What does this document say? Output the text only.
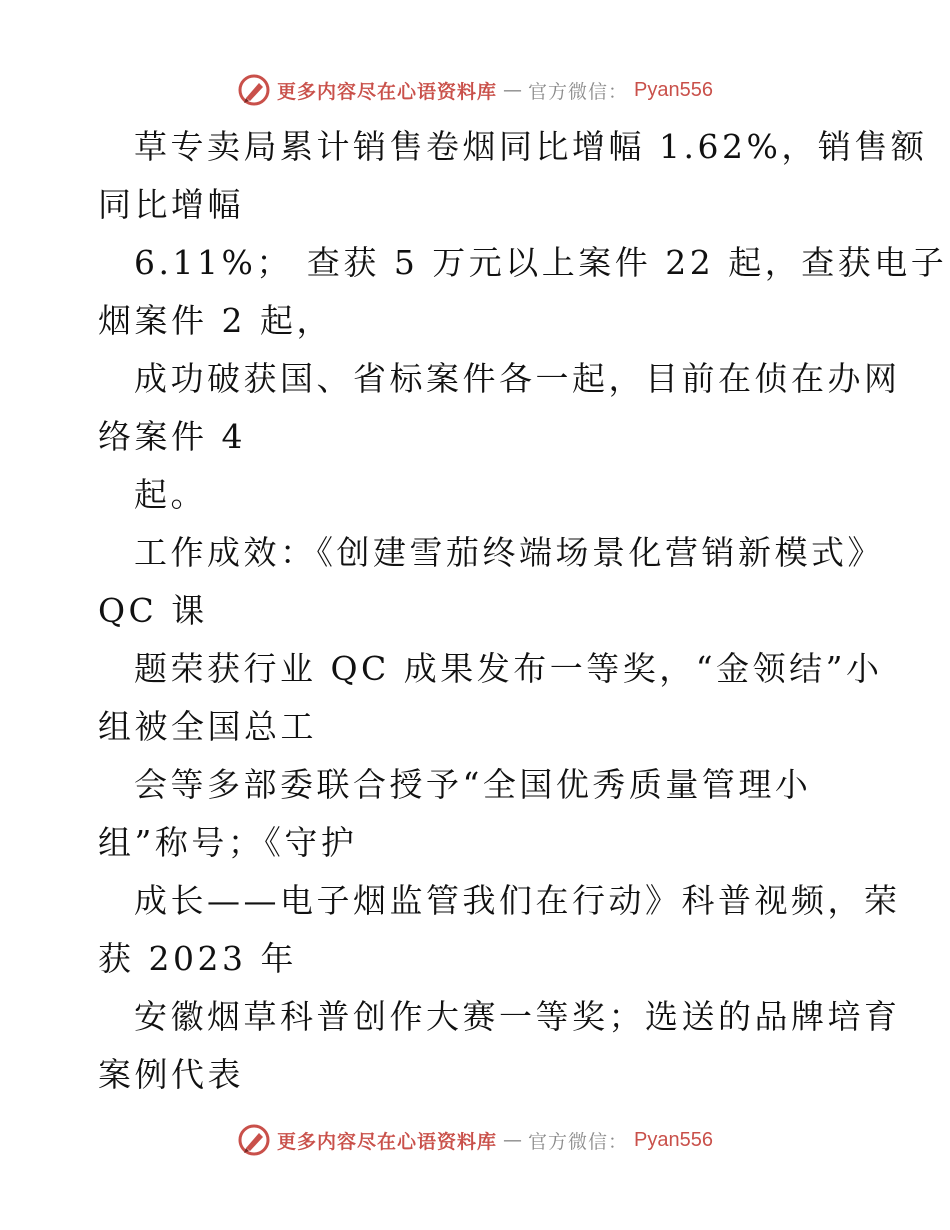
更多内容尽在心语资料库 — 官方微信： Pyan556
草专卖局累计销售卷烟同比增幅 1.62%，销售额
同比增幅
6.11%； 查获 5 万元以上案件 22 起，查获电子
烟案件 2 起，
成功破获国、省标案件各一起，目前在侦在办网
络案件 4
起。
工作成效：《创建雪茄终端场景化营销新模式》
QC 课
题荣获行业 QC 成果发布一等奖，“金领结”小
组被全国总工
会等多部委联合授予“全国优秀质量管理小
组”称号；《守护
成长——电子烟监管我们在行动》科普视频，荣
获 2023 年
安徽烟草科普创作大赛一等奖；选送的品牌培育
案例代表
更多内容尽在心语资料库 — 官方微信： Pyan556
